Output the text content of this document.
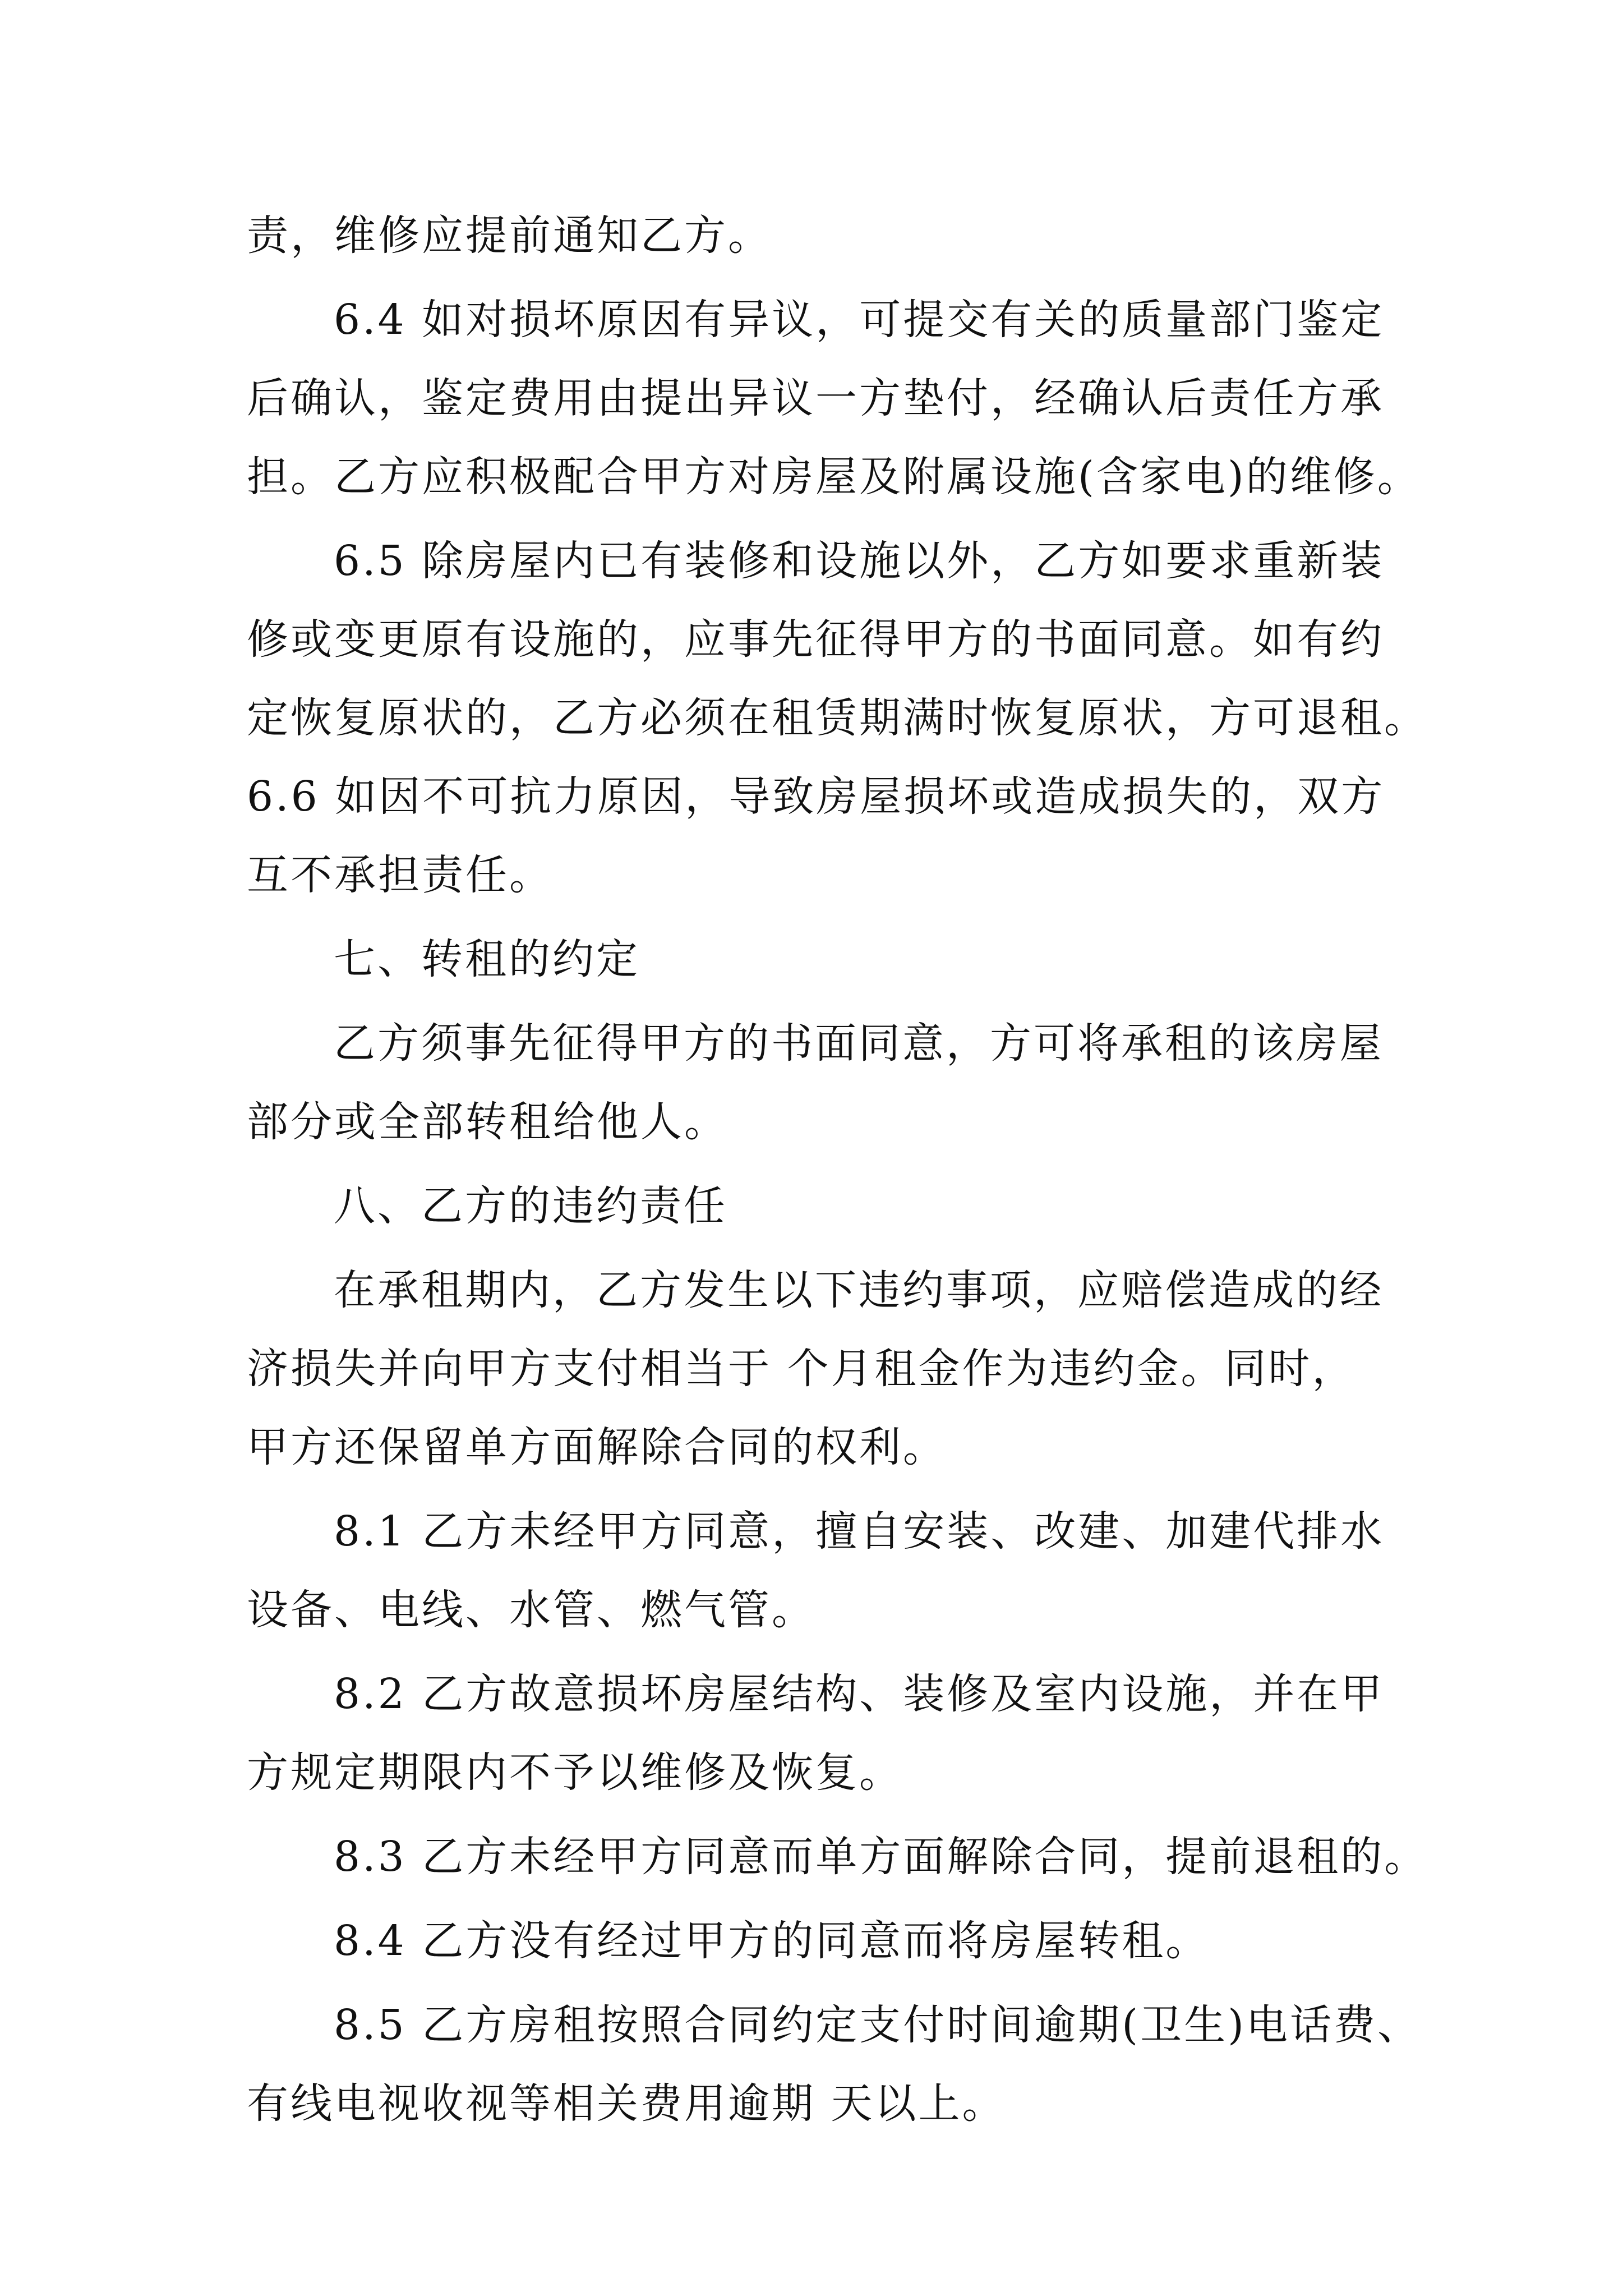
责，维修应提前通知乙方。
6.4 如对损坏原因有异议，可提交有关的质量部门鉴定
后确认，鉴定费用由提出异议一方垫付，经确认后责任方承
担。乙方应积极配合甲方对房屋及附属设施(含家电)的维修。
6.5 除房屋内已有装修和设施以外，乙方如要求重新装
修或变更原有设施的，应事先征得甲方的书面同意。如有约
定恢复原状的，乙方必须在租赁期满时恢复原状，方可退租。
6.6 如因不可抗力原因，导致房屋损坏或造成损失的，双方
互不承担责任。
七、转租的约定
乙方须事先征得甲方的书面同意，方可将承租的该房屋
部分或全部转租给他人。
八、乙方的违约责任
在承租期内，乙方发生以下违约事项，应赔偿造成的经
济损失并向甲方支付相当于 个月租金作为违约金。同时，
甲方还保留单方面解除合同的权利。
8.1 乙方未经甲方同意，擅自安装、改建、加建代排水
设备、电线、水管、燃气管。
8.2 乙方故意损坏房屋结构、装修及室内设施，并在甲
方规定期限内不予以维修及恢复。
8.3 乙方未经甲方同意而单方面解除合同，提前退租的。
8.4 乙方没有经过甲方的同意而将房屋转租。
8.5 乙方房租按照合同约定支付时间逾期(卫生)电话费、
有线电视收视等相关费用逾期 天以上。
